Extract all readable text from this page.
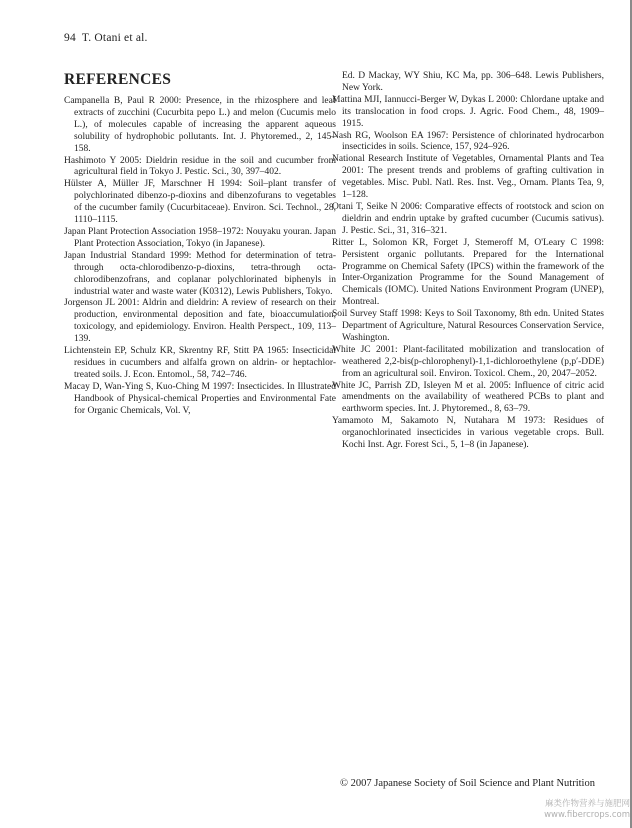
94 T. Otani et al.
REFERENCES

Campanella B, Paul R 2000: Presence, in the rhizosphere and leaf extracts of zucchini (Cucurbita pepo L.) and melon (Cucumis melo L.), of molecules capable of increasing the apparent aqueous solubility of hydrophobic pollutants. Int. J. Phytoremed., 2, 145–158.

Hashimoto Y 2005: Dieldrin residue in the soil and cucumber from agricultural field in Tokyo J. Pestic. Sci., 30, 397–402.

Hülster A, Müller JF, Marschner H 1994: Soil–plant transfer of polychlorinated dibenzo-p-dioxins and dibenzofurans to vegetables of the cucumber family (Cucurbitaceae). Environ. Sci. Technol., 28, 1110–1115.

Japan Plant Protection Association 1958–1972: Nouyaku youran. Japan Plant Protection Association, Tokyo (in Japanese).

Japan Industrial Standard 1999: Method for determination of tetra-through octa-chlorodibenzo-p-dioxins, tetra-through octa-chlorodibenzofrans, and coplanar polychlorinated biphenyls in industrial water and waste water (K0312), Lewis Publishers, Tokyo.

Jorgenson JL 2001: Aldrin and dieldrin: A review of research on their production, environmental deposition and fate, bioaccumulation, toxicology, and epidemiology. Environ. Health Perspect., 109, 113–139.

Lichtenstein EP, Schulz KR, Skrentny RF, Stitt PA 1965: Insecticidal residues in cucumbers and alfalfa grown on aldrin- or heptachlor-treated soils. J. Econ. Entomol., 58, 742–746.

Macay D, Wan-Ying S, Kuo-Ching M 1997: Insecticides. In Illustrated Handbook of Physical-chemical Properties and Environmental Fate for Organic Chemicals, Vol. V,

Ed. D Mackay, WY Shiu, KC Ma, pp. 306–648. Lewis Publishers, New York.

Mattina MJI, Iannucci-Berger W, Dykas L 2000: Chlordane uptake and its translocation in food crops. J. Agric. Food Chem., 48, 1909–1915.

Nash RG, Woolson EA 1967: Persistence of chlorinated hydrocarbon insecticides in soils. Science, 157, 924–926.

National Research Institute of Vegetables, Ornamental Plants and Tea 2001: The present trends and problems of grafting cultivation in vegetables. Misc. Publ. Natl. Res. Inst. Veg., Ornam. Plants Tea, 9, 1–128.

Otani T, Seike N 2006: Comparative effects of rootstock and scion on dieldrin and endrin uptake by grafted cucumber (Cucumis sativus). J. Pestic. Sci., 31, 316–321.

Ritter L, Solomon KR, Forget J, Stemeroff M, O'Leary C 1998: Persistent organic pollutants. Prepared for the International Programme on Chemical Safety (IPCS) within the framework of the Inter-Organization Programme for the Sound Management of Chemicals (IOMC). United Nations Environment Program (UNEP), Montreal.

Soil Survey Staff 1998: Keys to Soil Taxonomy, 8th edn. United States Department of Agriculture, Natural Resources Conservation Service, Washington.

White JC 2001: Plant-facilitated mobilization and translocation of weathered 2,2-bis(p-chlorophenyl)-1,1-dichloroethylene (p,p′-DDE) from an agricultural soil. Environ. Toxicol. Chem., 20, 2047–2052.

White JC, Parrish ZD, Isleyen M et al. 2005: Influence of citric acid amendments on the availability of weathered PCBs to plant and earthworm species. Int. J. Phytoremed., 8, 63–79.

Yamamoto M, Sakamoto N, Nutahara M 1973: Residues of organochlorinated insecticides in various vegetable crops. Bull. Kochi Inst. Agr. Forest Sci., 5, 1–8 (in Japanese).

© 2007 Japanese Society of Soil Science and Plant Nutrition
麻类作物营养与施肥网
www.fibercrops.com
